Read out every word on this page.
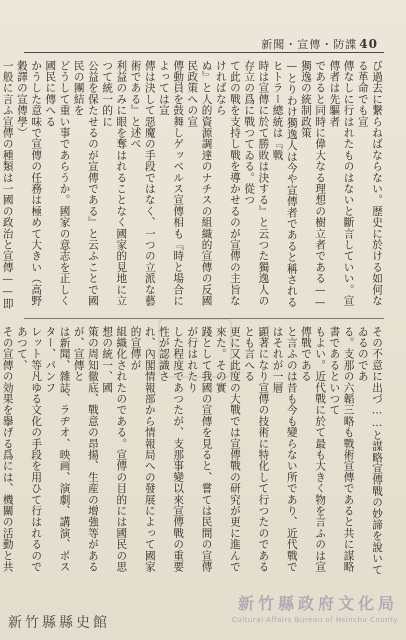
新聞・宣傳・防諜 40
び過去に繋らねばならない。歴史に於ける如何なる革命でも宣
傳なしに行はれたものはないと斷言していい。宣傳者は先驅者
であると同時に偉大なる理想の樹立者である——獨逸の統制政策
—とりわけ獨逸人は今や宣傳者であると稱されるヒトラー總統は『戰
時は宣傳に於て勝敗は決する』と云つた獨逸人の存立の爲に戰つてゐる。從つ
て此の戰を支持し戰を導かせるのが宣傳の主旨なければなら
ぬ』と人的資源調達のナチスの組織的宣傳の反國民政策への宣
傳動員を鼓舞しゲッベルス宣傳相も『時と場合によっては宣
傳は決して惡魔の手段ではなく、一つの立派な藝術である』と述べ
利益のみに眼を奪はれることなく國家的見地に立つて統一的に
公益を保たせるのが宣傳である』と云ふことで國民の團結を
どうして重い事であらうか。國家の意志を正しく國民に傳へる
かうした意味で宣傳の任務は極めて大きい（高野穀譯の宣傳學）
一般に言ふ宣傳の種類は一國の政治と宣傳——即
その不意に出づ……と謀略宣傳戰の妙諦を說いてゐるのであ
る。支那の六韜三略も戰術宣傳であると共に謀略書であるといつて
もよい。近代戰に於て最も大きく物を言ふのは宣傳戰である
と言ふのは昔も今も變らない所であり、近代戰ではそれが一層
顕著になり宣傳の技術に特化して行つたのであるとも言へる
更に又此度の大戰では宣傳戰の研究が更に進んで來た。その實
踐として我國の宣傳を見ると、嘗ては民間の宣傳が行はれたり
した程度であつたが、支那事變以來宣傳戰の重要性が認識さ
れ、內閣情報部から情報局への發展によって國家的宣傳が
組織化されたのである。宣傳の目的には國民の思想の統一、國
策の周知徹底、戰意の昂揚、生産の增強等があるが、宣傳と
は新聞、雜誌、ラヂオ、映画、演劇、講演、ポスター、パンフ
レット等凡ゆる文化の手段を用ひて行はれるのであつて、
その宣傳の効果を擧げる爲には、機關の活動と共
新竹縣縣史館
新竹縣政府文化局
Cultural Affairs Bureau of Hsinchu County
